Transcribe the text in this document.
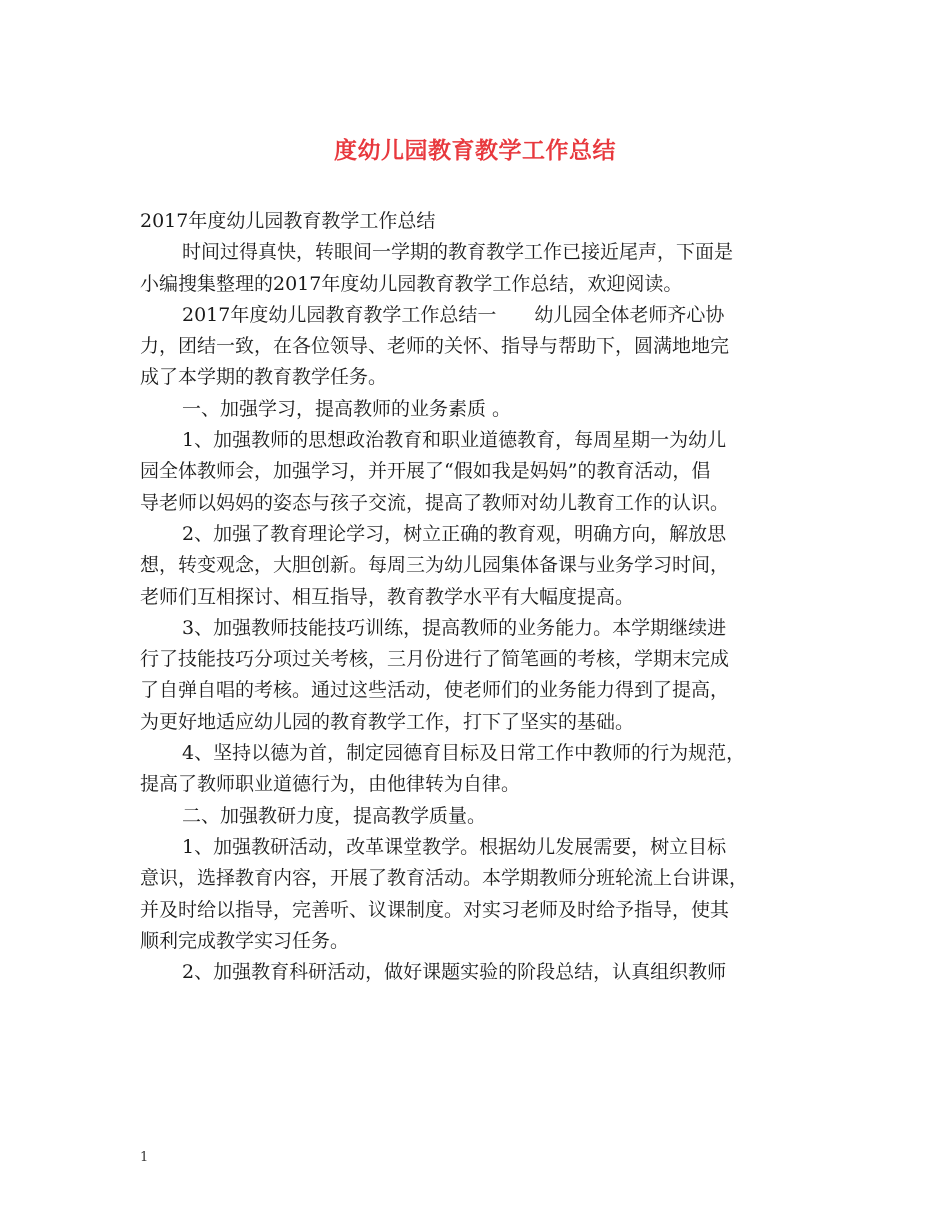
度幼儿园教育教学工作总结

2017年度幼儿园教育教学工作总结

时间过得真快，转眼间一学期的教育教学工作已接近尾声，下面是

小编搜集整理的2017年度幼儿园教育教学工作总结，欢迎阅读。

2017年度幼儿园教育教学工作总结一　　幼儿园全体老师齐心协

力，团结一致，在各位领导、老师的关怀、指导与帮助下，圆满地地完

成了本学期的教育教学任务。

一、加强学习，提高教师的业务素质 。

1、加强教师的思想政治教育和职业道德教育，每周星期一为幼儿

园全体教师会，加强学习，并开展了“假如我是妈妈”的教育活动，倡

导老师以妈妈的姿态与孩子交流，提高了教师对幼儿教育工作的认识。

2、加强了教育理论学习，树立正确的教育观，明确方向，解放思

想，转变观念，大胆创新。每周三为幼儿园集体备课与业务学习时间，

老师们互相探讨、相互指导，教育教学水平有大幅度提高。

3、加强教师技能技巧训练，提高教师的业务能力。本学期继续进

行了技能技巧分项过关考核，三月份进行了简笔画的考核，学期末完成

了自弹自唱的考核。通过这些活动，使老师们的业务能力得到了提高，

为更好地适应幼儿园的教育教学工作，打下了坚实的基础。

4、坚持以德为首，制定园德育目标及日常工作中教师的行为规范，

提高了教师职业道德行为，由他律转为自律。

二、加强教研力度，提高教学质量。

1、加强教研活动，改革课堂教学。根据幼儿发展需要，树立目标

意识，选择教育内容，开展了教育活动。本学期教师分班轮流上台讲课，

并及时给以指导，完善听、议课制度。对实习老师及时给予指导，使其

顺利完成教学实习任务。

2、加强教育科研活动，做好课题实验的阶段总结，认真组织教师

1
